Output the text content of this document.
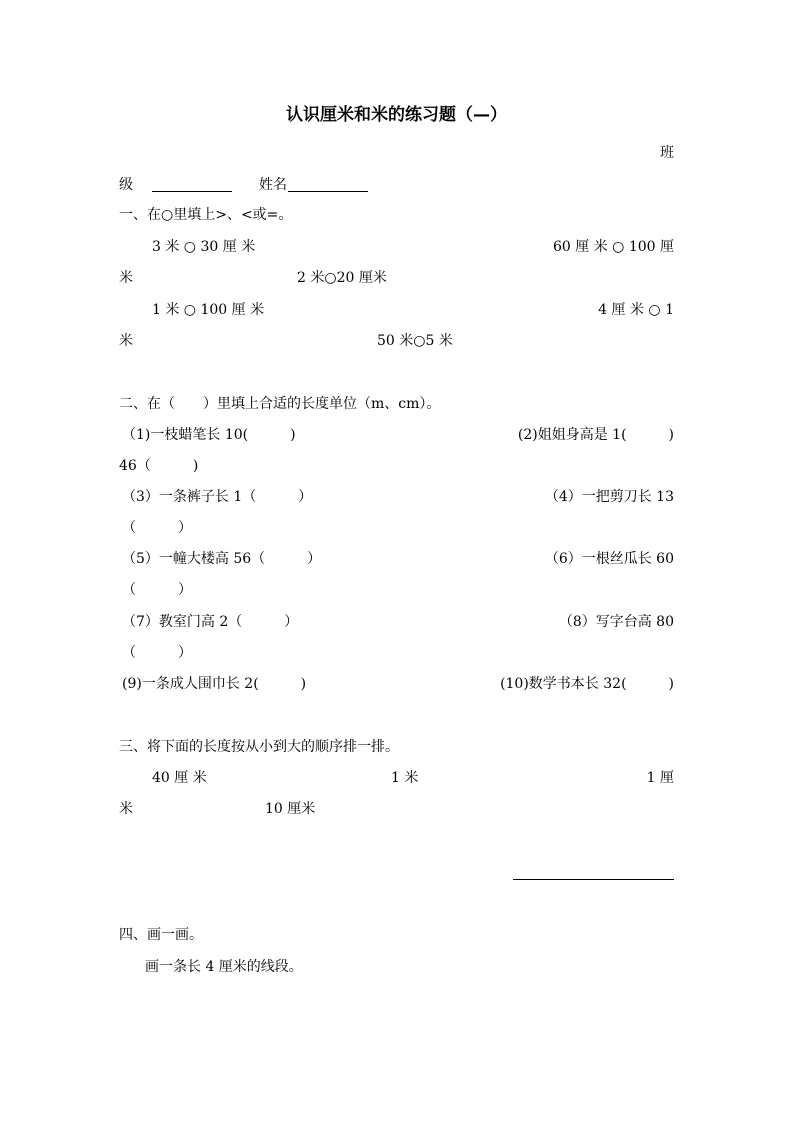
认识厘米和米的练习题（—）
班
级	姓名
一、在○里填上>、<或=。
3 米 ○ 30 厘 米	60 厘 米 ○ 100 厘
米	2 米○20 厘米
1 米 ○ 100 厘 米	4 厘 米 ○ 1
米	50 米○5 米
二、在（　　）里填上合适的长度单位（m、cm）。
（1)一枝蜡笔长 10(　　　)	(2)姐姐身高是 1(　　　)
46（　　　)
（3）一条裤子长 1（　　　）	（4）一把剪刀长 13
（　　　）
（5）一幢大楼高 56（　　　）	（6）一根丝瓜长 60
（　　　）
（7）教室门高 2（　　　）	（8）写字台高 80
（　　　）
(9)一条成人围巾长 2(　　　)	(10)数学书本长 32(　　　)
三、将下面的长度按从小到大的顺序排一排。
40 厘 米	1 米	1 厘
米	10 厘米
四、画一画。
画一条长 4 厘米的线段。
